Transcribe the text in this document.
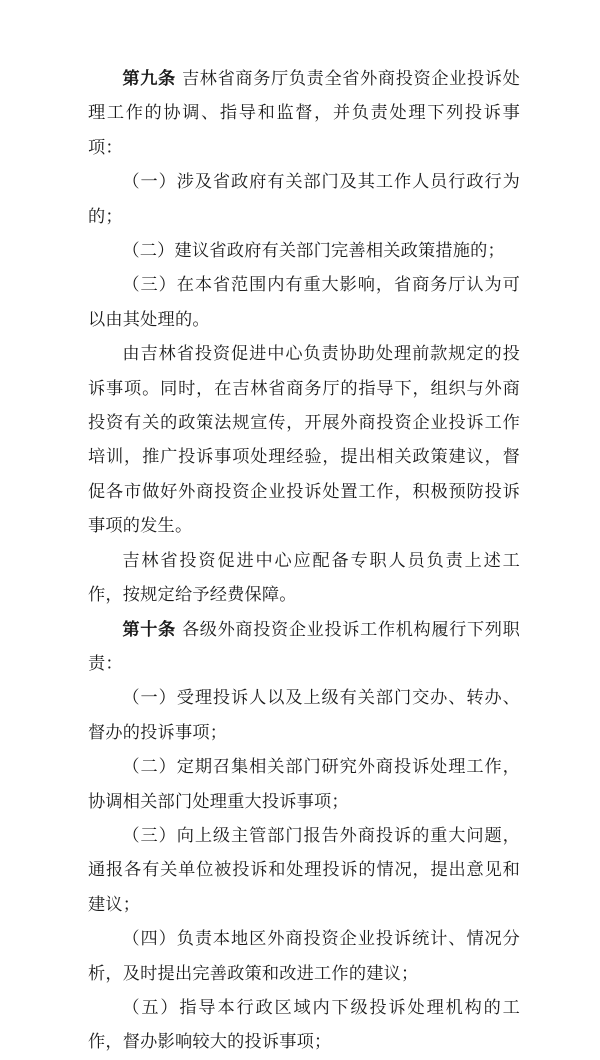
第九条 吉林省商务厅负责全省外商投资企业投诉处理工作的协调、指导和监督，并负责处理下列投诉事项：

（一）涉及省政府有关部门及其工作人员行政行为的；

（二）建议省政府有关部门完善相关政策措施的；

（三）在本省范围内有重大影响，省商务厅认为可以由其处理的。

由吉林省投资促进中心负责协助处理前款规定的投诉事项。同时，在吉林省商务厅的指导下，组织与外商投资有关的政策法规宣传，开展外商投资企业投诉工作培训，推广投诉事项处理经验，提出相关政策建议，督促各市做好外商投资企业投诉处置工作，积极预防投诉事项的发生。

吉林省投资促进中心应配备专职人员负责上述工作，按规定给予经费保障。

第十条 各级外商投资企业投诉工作机构履行下列职责：

（一）受理投诉人以及上级有关部门交办、转办、督办的投诉事项；

（二）定期召集相关部门研究外商投诉处理工作，协调相关部门处理重大投诉事项；

（三）向上级主管部门报告外商投诉的重大问题，通报各有关单位被投诉和处理投诉的情况，提出意见和建议；

（四）负责本地区外商投资企业投诉统计、情况分析，及时提出完善政策和改进工作的建议；

（五）指导本行政区域内下级投诉处理机构的工作，督办影响较大的投诉事项；
